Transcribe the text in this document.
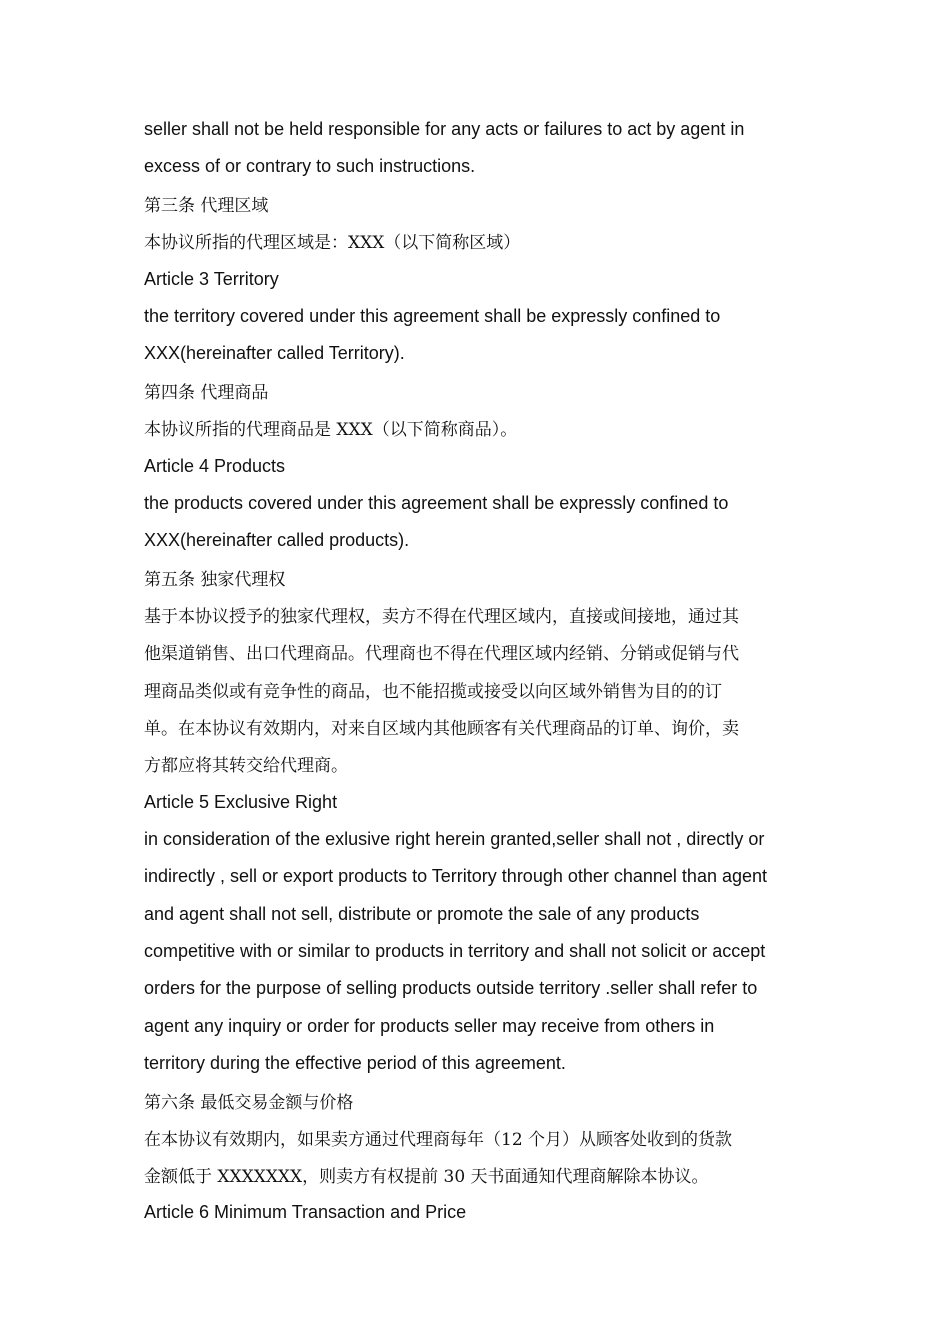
seller shall not be held responsible for any acts or failures to act by agent in
excess of or contrary to such instructions.
第三条 代理区域
本协议所指的代理区域是：XXX（以下简称区域）
Article 3 Territory
the territory covered under this agreement shall be expressly confined to
XXX(hereinafter called Territory).
第四条 代理商品
本协议所指的代理商品是 XXX（以下简称商品）。
Article 4 Products
the products covered under this agreement shall be expressly confined to
XXX(hereinafter called products).
第五条 独家代理权
基于本协议授予的独家代理权，卖方不得在代理区域内，直接或间接地，通过其
他渠道销售、出口代理商品。代理商也不得在代理区域内经销、分销或促销与代
理商品类似或有竞争性的商品，也不能招揽或接受以向区域外销售为目的的订
单。在本协议有效期内，对来自区域内其他顾客有关代理商品的订单、询价，卖
方都应将其转交给代理商。
Article 5 Exclusive Right
in consideration of the exlusive right herein granted,seller shall not , directly or
indirectly , sell or export products to Territory through other channel than agent
and agent shall not sell, distribute or promote the sale of any products
competitive with or similar to products in territory and shall not solicit or accept
orders for the purpose of selling products outside territory .seller shall refer to
agent any inquiry or order for products seller may receive from others in
territory during the effective period of this agreement.
第六条 最低交易金额与价格
在本协议有效期内，如果卖方通过代理商每年（12 个月）从顾客处收到的货款
金额低于 XXXXXXX，则卖方有权提前 30 天书面通知代理商解除本协议。
Article 6 Minimum Transaction and Price
